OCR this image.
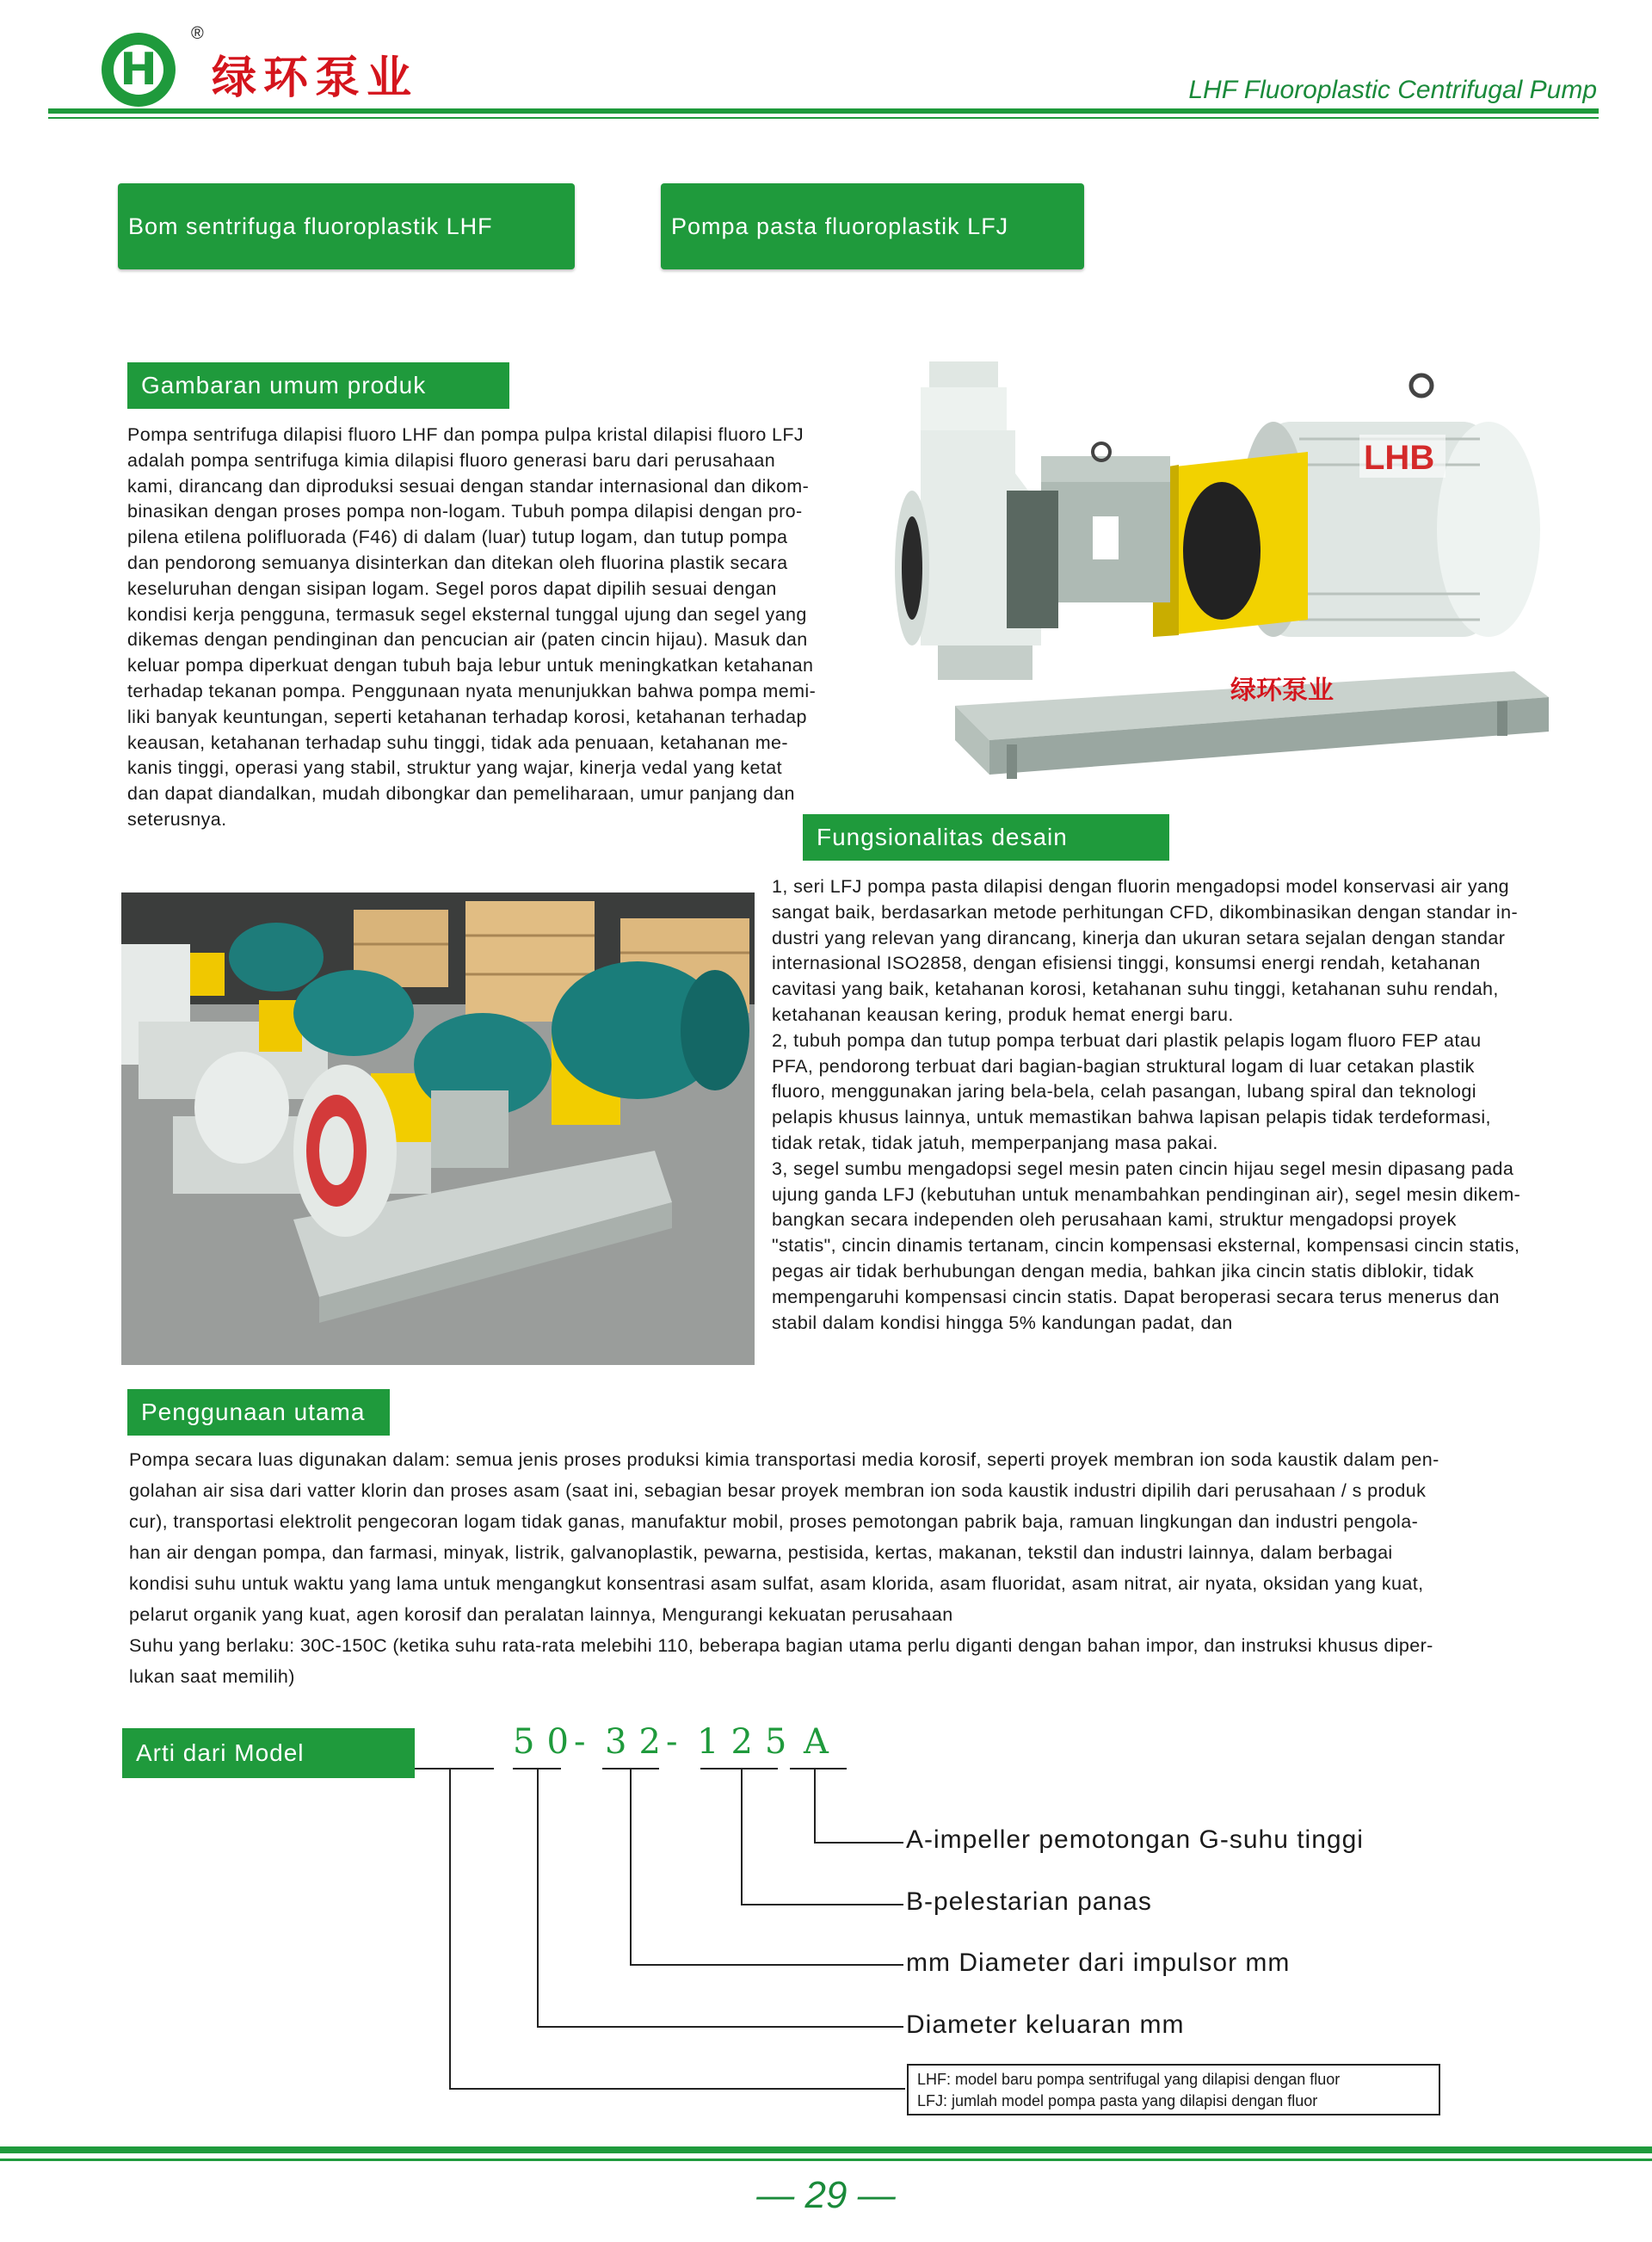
H
®
绿环泵业	LHF Fluoroplastic Centrifugal Pump
Bom sentrifuga fluoroplastik LHF	Pompa pasta fluoroplastik LFJ
Gambaran umum produk
Pompa sentrifuga dilapisi fluoro LHF dan pompa pulpa kristal dilapisi fluoro LFJ
adalah pompa sentrifuga kimia dilapisi fluoro generasi baru dari perusahaan
kami, dirancang dan diproduksi sesuai dengan standar internasional dan dikom-
binasikan dengan proses pompa non-logam. Tubuh pompa dilapisi dengan pro-
pilena etilena polifluorada (F46) di dalam (luar) tutup logam, dan tutup pompa
dan pendorong semuanya disinterkan dan ditekan oleh fluorina plastik secara
keseluruhan dengan sisipan logam. Segel poros dapat dipilih sesuai dengan
kondisi kerja pengguna, termasuk segel eksternal tunggal ujung dan segel yang
dikemas dengan pendinginan dan pencucian air (paten cincin hijau). Masuk dan
keluar pompa diperkuat dengan tubuh baja lebur untuk meningkatkan ketahanan
terhadap tekanan pompa. Penggunaan nyata menunjukkan bahwa pompa memi-
liki banyak keuntungan, seperti ketahanan terhadap korosi, ketahanan terhadap
keausan, ketahanan terhadap suhu tinggi, tidak ada penuaan, ketahanan me-
kanis tinggi, operasi yang stabil, struktur yang wajar, kinerja vedal yang ketat
dan dapat diandalkan, mudah dibongkar dan pemeliharaan, umur panjang dan
seterusnya.
绿环泵业
LHB
Fungsionalitas desain
1, seri LFJ pompa pasta dilapisi dengan fluorin mengadopsi model konservasi air yang
sangat baik, berdasarkan metode perhitungan CFD, dikombinasikan dengan standar in-
dustri yang relevan yang dirancang, kinerja dan ukuran setara sejalan dengan standar
internasional ISO2858, dengan efisiensi tinggi, konsumsi energi rendah, ketahanan
cavitasi yang baik, ketahanan korosi, ketahanan suhu tinggi, ketahanan suhu rendah,
ketahanan keausan kering, produk hemat energi baru.
2, tubuh pompa dan tutup pompa terbuat dari plastik pelapis logam fluoro FEP atau
PFA, pendorong terbuat dari bagian-bagian struktural logam di luar cetakan plastik
fluoro, menggunakan jaring bela-bela, celah pasangan, lubang spiral dan teknologi
pelapis khusus lainnya, untuk memastikan bahwa lapisan pelapis tidak terdeformasi,
tidak retak, tidak jatuh, memperpanjang masa pakai.
3, segel sumbu mengadopsi segel mesin paten cincin hijau segel mesin dipasang pada
ujung ganda LFJ (kebutuhan untuk menambahkan pendinginan air), segel mesin dikem-
bangkan secara independen oleh perusahaan kami, struktur mengadopsi proyek
"statis", cincin dinamis tertanam, cincin kompensasi eksternal, kompensasi cincin statis,
pegas air tidak berhubungan dengan media, bahkan jika cincin statis diblokir, tidak
mempengaruhi kompensasi cincin statis. Dapat beroperasi secara terus menerus dan
stabil dalam kondisi hingga 5% kandungan padat, dan
Penggunaan utama
Pompa secara luas digunakan dalam: semua jenis proses produksi kimia transportasi media korosif, seperti proyek membran ion soda kaustik dalam pen-
golahan air sisa dari vatter klorin dan proses asam (saat ini, sebagian besar proyek membran ion soda kaustik industri dipilih dari perusahaan / s produk
cur), transportasi elektrolit pengecoran logam tidak ganas, manufaktur mobil, proses pemotongan pabrik baja, ramuan lingkungan dan industri pengola-
han air dengan pompa, dan farmasi, minyak, listrik, galvanoplastik, pewarna, pestisida, kertas, makanan, tekstil dan industri lainnya, dalam berbagai
kondisi suhu untuk waktu yang lama untuk mengangkut konsentrasi asam sulfat, asam klorida, asam fluoridat, asam nitrat, air nyata, oksidan yang kuat,
pelarut organik yang kuat, agen korosif dan peralatan lainnya, Mengurangi kekuatan perusahaan
Suhu yang berlaku: 30C-150C (ketika suhu rata-rata melebihi 110, beberapa bagian utama perlu diganti dengan bahan impor, dan instruksi khusus diper-
lukan saat memilih)
Arti dari Model	50
- 32
- 125 A
A-impeller pemotongan G-suhu tinggi
B-pelestarian panas
mm Diameter dari impulsor mm
Diameter keluaran mm
LHF: model baru pompa sentrifugal yang dilapisi dengan fluor
LFJ: jumlah model pompa pasta yang dilapisi dengan fluor
— 29 —
